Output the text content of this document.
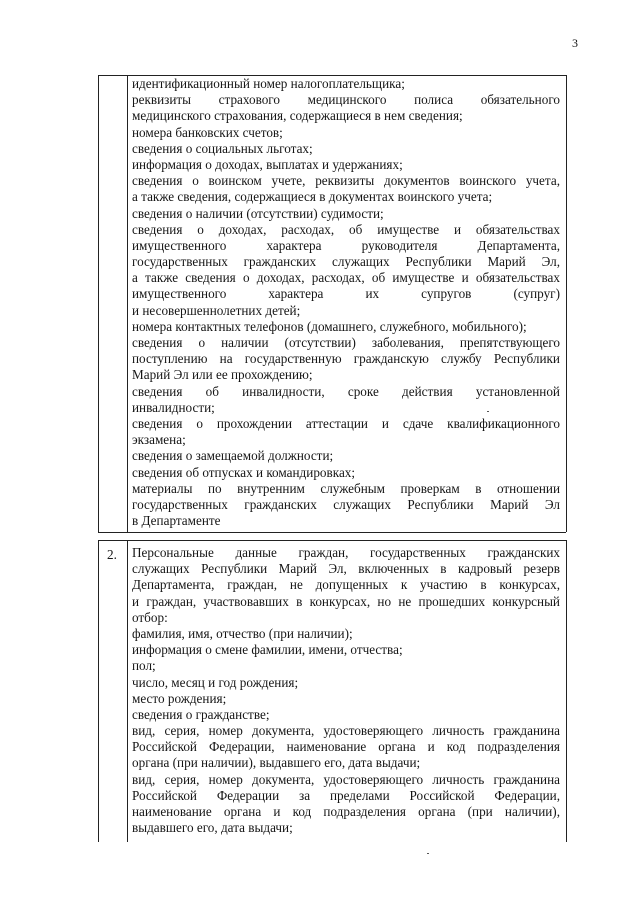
3
идентификационный номер налогоплательщика;
реквизиты страхового медицинского полиса обязательного
медицинского страхования, содержащиеся в нем сведения;
номера банковских счетов;
сведения о социальных льготах;
информация о доходах, выплатах и удержаниях;
сведения о воинском учете, реквизиты документов воинского учета,
а также сведения, содержащиеся в документах воинского учета;
сведения о наличии (отсутствии) судимости;
сведения о доходах, расходах, об имуществе и обязательствах
имущественного характера руководителя Департамента,
государственных гражданских служащих Республики Марий Эл,
а также сведения о доходах, расходах, об имуществе и обязательствах
имущественного характера их супругов (супруг)
и несовершеннолетних детей;
номера контактных телефонов (домашнего, служебного, мобильного);
сведения о наличии (отсутствии) заболевания, препятствующего
поступлению на государственную гражданскую службу Республики
Марий Эл или ее прохождению;
сведения об инвалидности, сроке действия установленной
инвалидности;
сведения о прохождении аттестации и сдаче квалификационного
экзамена;
сведения о замещаемой должности;
сведения об отпусках и командировках;
материалы по внутренним служебным проверкам в отношении
государственных гражданских служащих Республики Марий Эл
в Департаменте
2. Персональные данные граждан, государственных гражданских
служащих Республики Марий Эл, включенных в кадровый резерв
Департамента, граждан, не допущенных к участию в конкурсах,
и граждан, участвовавших в конкурсах, но не прошедших конкурсный
отбор:
фамилия, имя, отчество (при наличии);
информация о смене фамилии, имени, отчества;
пол;
число, месяц и год рождения;
место рождения;
сведения о гражданстве;
вид, серия, номер документа, удостоверяющего личность гражданина
Российской Федерации, наименование органа и код подразделения
органа (при наличии), выдавшего его, дата выдачи;
вид, серия, номер документа, удостоверяющего личность гражданина
Российской Федерации за пределами Российской Федерации,
наименование органа и код подразделения органа (при наличии),
выдавшего его, дата выдачи;
